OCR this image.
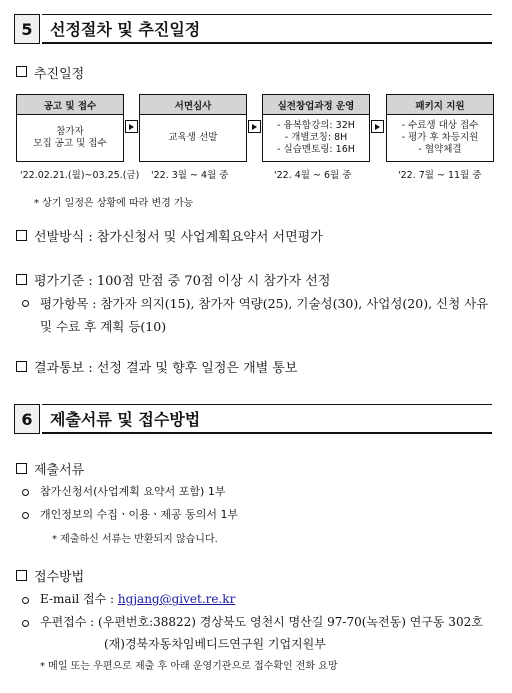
5	선정절차 및 추진일정
추진일정
공고 및 접수
참가자
모집 공고 및 접수
서면심사
교육생 선발
실전창업과정 운영
- 융복합강의: 32H
- 개별코칭: 8H
- 실습멘토링: 16H
패키지 지원
- 수료생 대상 접수
- 평가 후 차등지원
- 협약체결
'22.02.21.(월)~03.25.(금) '22. 3월 ~ 4월 중	'22. 4월 ~ 6월 중	'22. 7월 ~ 11월 중
* 상기 일정은 상황에 따라 변경 가능
선발방식 : 참가신청서 및 사업계획요약서 서면평가
평가기준 : 100점 만점 중 70점 이상 시 참가자 선정
평가항목 : 참가자 의지(15), 참가자 역량(25), 기술성(30), 사업성(20), 신청 사유
및 수료 후 계획 등(10)
결과통보 : 선정 결과 및 향후 일정은 개별 통보
6	제출서류 및 접수방법
제출서류
참가신청서(사업계획 요약서 포함) 1부
개인정보의 수집ㆍ이용ㆍ제공 동의서 1부
* 제출하신 서류는 반환되지 않습니다.
접수방법
E-mail 접수 : hgjang@givet.re.kr
우편접수 : (우편번호:38822) 경상북도 영천시 명산길 97-70(녹전동) 연구동 302호
(재)경북자동차임베디드연구원 기업지원부
* 메일 또는 우편으로 제출 후 아래 운영기관으로 접수확인 전화 요망
